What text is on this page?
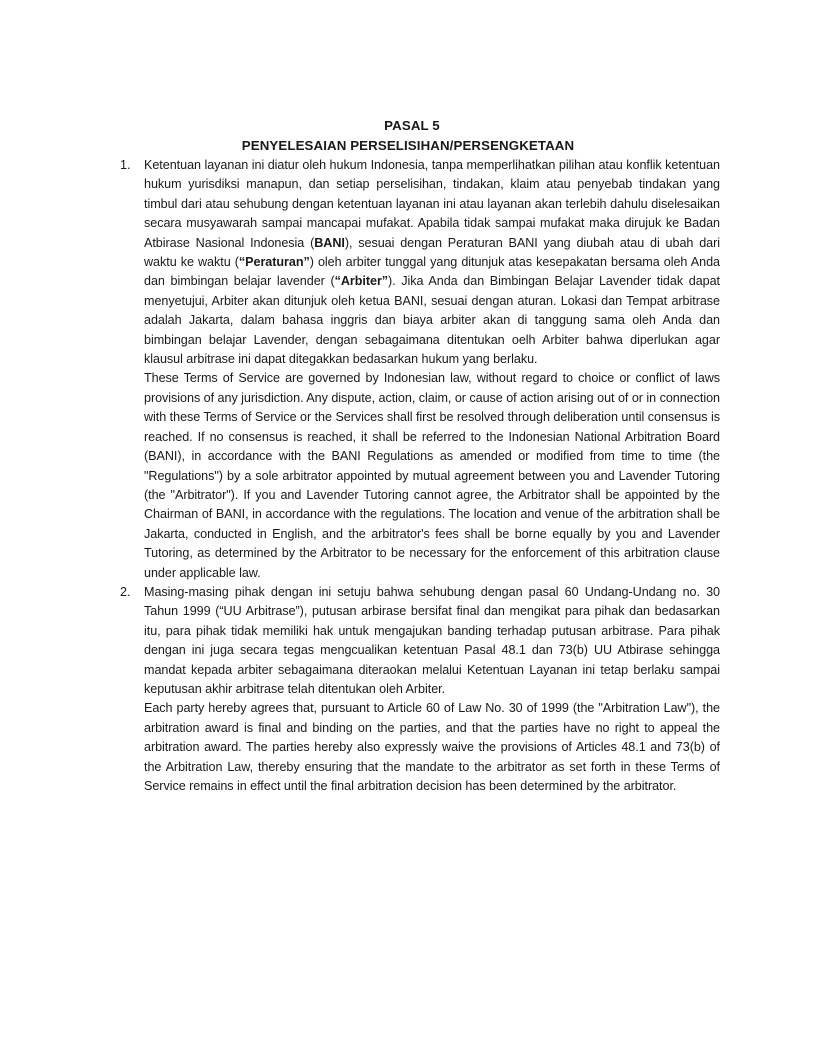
PASAL 5
PENYELESAIAN PERSELISIHAN/PERSENGKETAAN
1. Ketentuan layanan ini diatur oleh hukum Indonesia, tanpa memperlihatkan pilihan atau konflik ketentuan hukum yurisdiksi manapun, dan setiap perselisihan, tindakan, klaim atau penyebab tindakan yang timbul dari atau sehubung dengan ketentuan layanan ini atau layanan akan terlebih dahulu diselesaikan secara musyawarah sampai mancapai mufakat. Apabila tidak sampai mufakat maka dirujuk ke Badan Atbirase Nasional Indonesia (BANI), sesuai dengan Peraturan BANI yang diubah atau di ubah dari waktu ke waktu (“Peraturan”) oleh arbiter tunggal yang ditunjuk atas kesepakatan bersama oleh Anda dan bimbingan belajar lavender (“Arbiter”). Jika Anda dan Bimbingan Belajar Lavender tidak dapat menyetujui, Arbiter akan ditunjuk oleh ketua BANI, sesuai dengan aturan. Lokasi dan Tempat arbitrase adalah Jakarta, dalam bahasa inggris dan biaya arbiter akan di tanggung sama oleh Anda dan bimbingan belajar Lavender, dengan sebagaimana ditentukan oelh Arbiter bahwa diperlukan agar klausul arbitrase ini dapat ditegakkan bedasarkan hukum yang berlaku.

These Terms of Service are governed by Indonesian law, without regard to choice or conflict of laws provisions of any jurisdiction. Any dispute, action, claim, or cause of action arising out of or in connection with these Terms of Service or the Services shall first be resolved through deliberation until consensus is reached. If no consensus is reached, it shall be referred to the Indonesian National Arbitration Board (BANI), in accordance with the BANI Regulations as amended or modified from time to time (the "Regulations") by a sole arbitrator appointed by mutual agreement between you and Lavender Tutoring (the "Arbitrator"). If you and Lavender Tutoring cannot agree, the Arbitrator shall be appointed by the Chairman of BANI, in accordance with the regulations. The location and venue of the arbitration shall be Jakarta, conducted in English, and the arbitrator's fees shall be borne equally by you and Lavender Tutoring, as determined by the Arbitrator to be necessary for the enforcement of this arbitration clause under applicable law.

2. Masing-masing pihak dengan ini setuju bahwa sehubung dengan pasal 60 Undang-Undang no. 30 Tahun 1999 (“UU Arbitrase”), putusan arbirase bersifat final dan mengikat para pihak dan bedasarkan itu, para pihak tidak memiliki hak untuk mengajukan banding terhadap putusan arbitrase. Para pihak dengan ini juga secara tegas mengcualikan ketentuan Pasal 48.1 dan 73(b) UU Atbirase sehingga mandat kepada arbiter sebagaimana diteraokan melalui Ketentuan Layanan ini tetap berlaku sampai keputusan akhir arbitrase telah ditentukan oleh Arbiter.

Each party hereby agrees that, pursuant to Article 60 of Law No. 30 of 1999 (the "Arbitration Law"), the arbitration award is final and binding on the parties, and that the parties have no right to appeal the arbitration award. The parties hereby also expressly waive the provisions of Articles 48.1 and 73(b) of the Arbitration Law, thereby ensuring that the mandate to the arbitrator as set forth in these Terms of Service remains in effect until the final arbitration decision has been determined by the arbitrator.
